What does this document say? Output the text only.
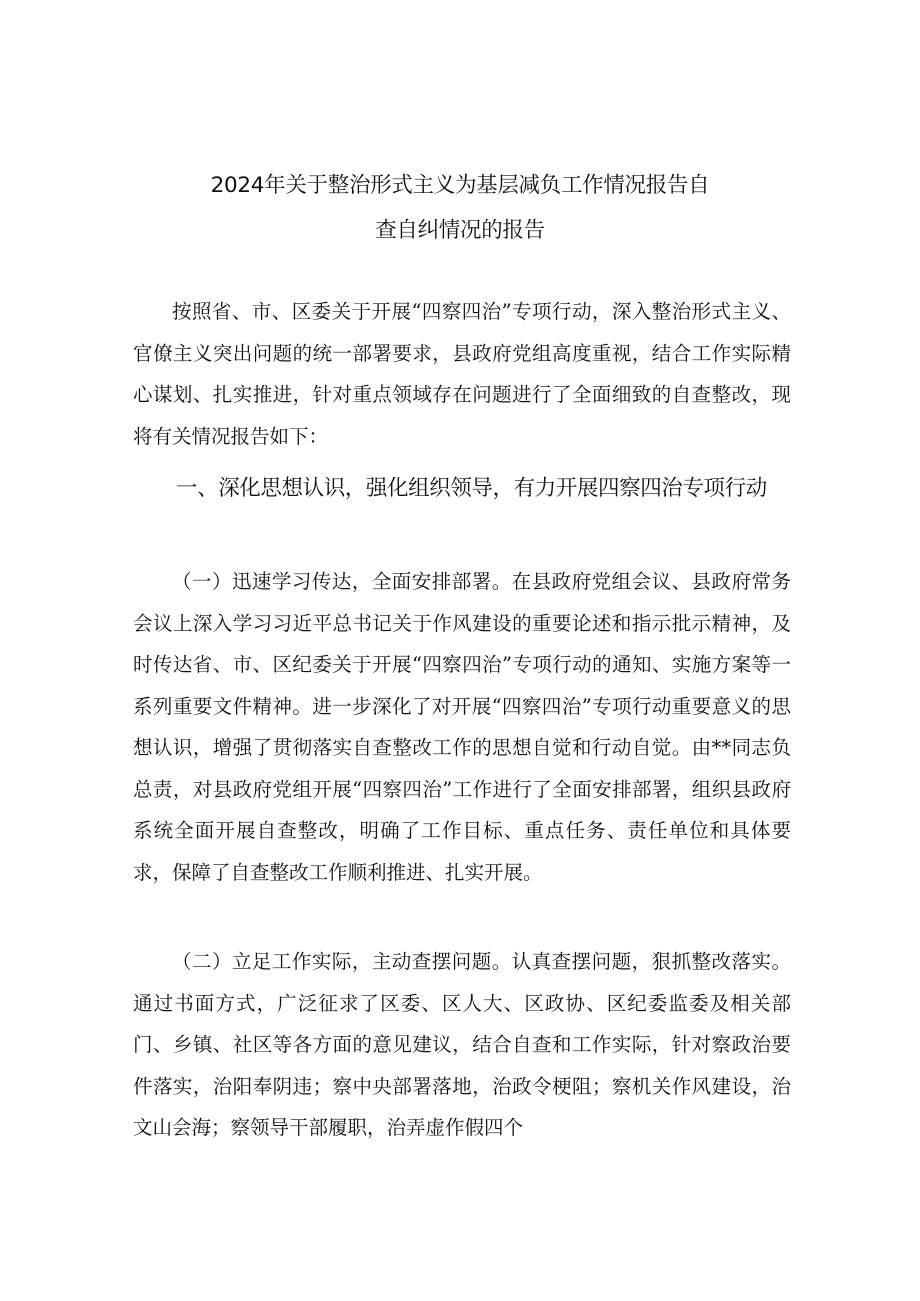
2024年关于整治形式主义为基层减负工作情况报告自
查自纠情况的报告

按照省、市、区委关于开展“四察四治”专项行动，深入整治形式主义、官僚主义突出问题的统一部署要求，县政府党组高度重视，结合工作实际精心谋划、扎实推进，针对重点领域存在问题进行了全面细致的自查整改，现将有关情况报告如下：

一、深化思想认识，强化组织领导，有力开展四察四治专项行动

（一）迅速学习传达，全面安排部署。在县政府党组会议、县政府常务会议上深入学习习近平总书记关于作风建设的重要论述和指示批示精神，及时传达省、市、区纪委关于开展“四察四治”专项行动的通知、实施方案等一系列重要文件精神。进一步深化了对开展“四察四治”专项行动重要意义的思想认识，增强了贯彻落实自查整改工作的思想自觉和行动自觉。由**同志负总责，对县政府党组开展“四察四治”工作进行了全面安排部署，组织县政府系统全面开展自查整改，明确了工作目标、重点任务、责任单位和具体要求，保障了自查整改工作顺利推进、扎实开展。

（二）立足工作实际，主动查摆问题。认真查摆问题，狠抓整改落实。通过书面方式，广泛征求了区委、区人大、区政协、区纪委监委及相关部门、乡镇、社区等各方面的意见建议，结合自查和工作实际，针对察政治要件落实，治阳奉阴违；察中央部署落地，治政令梗阻；察机关作风建设，治文山会海；察领导干部履职，治弄虚作假四个
